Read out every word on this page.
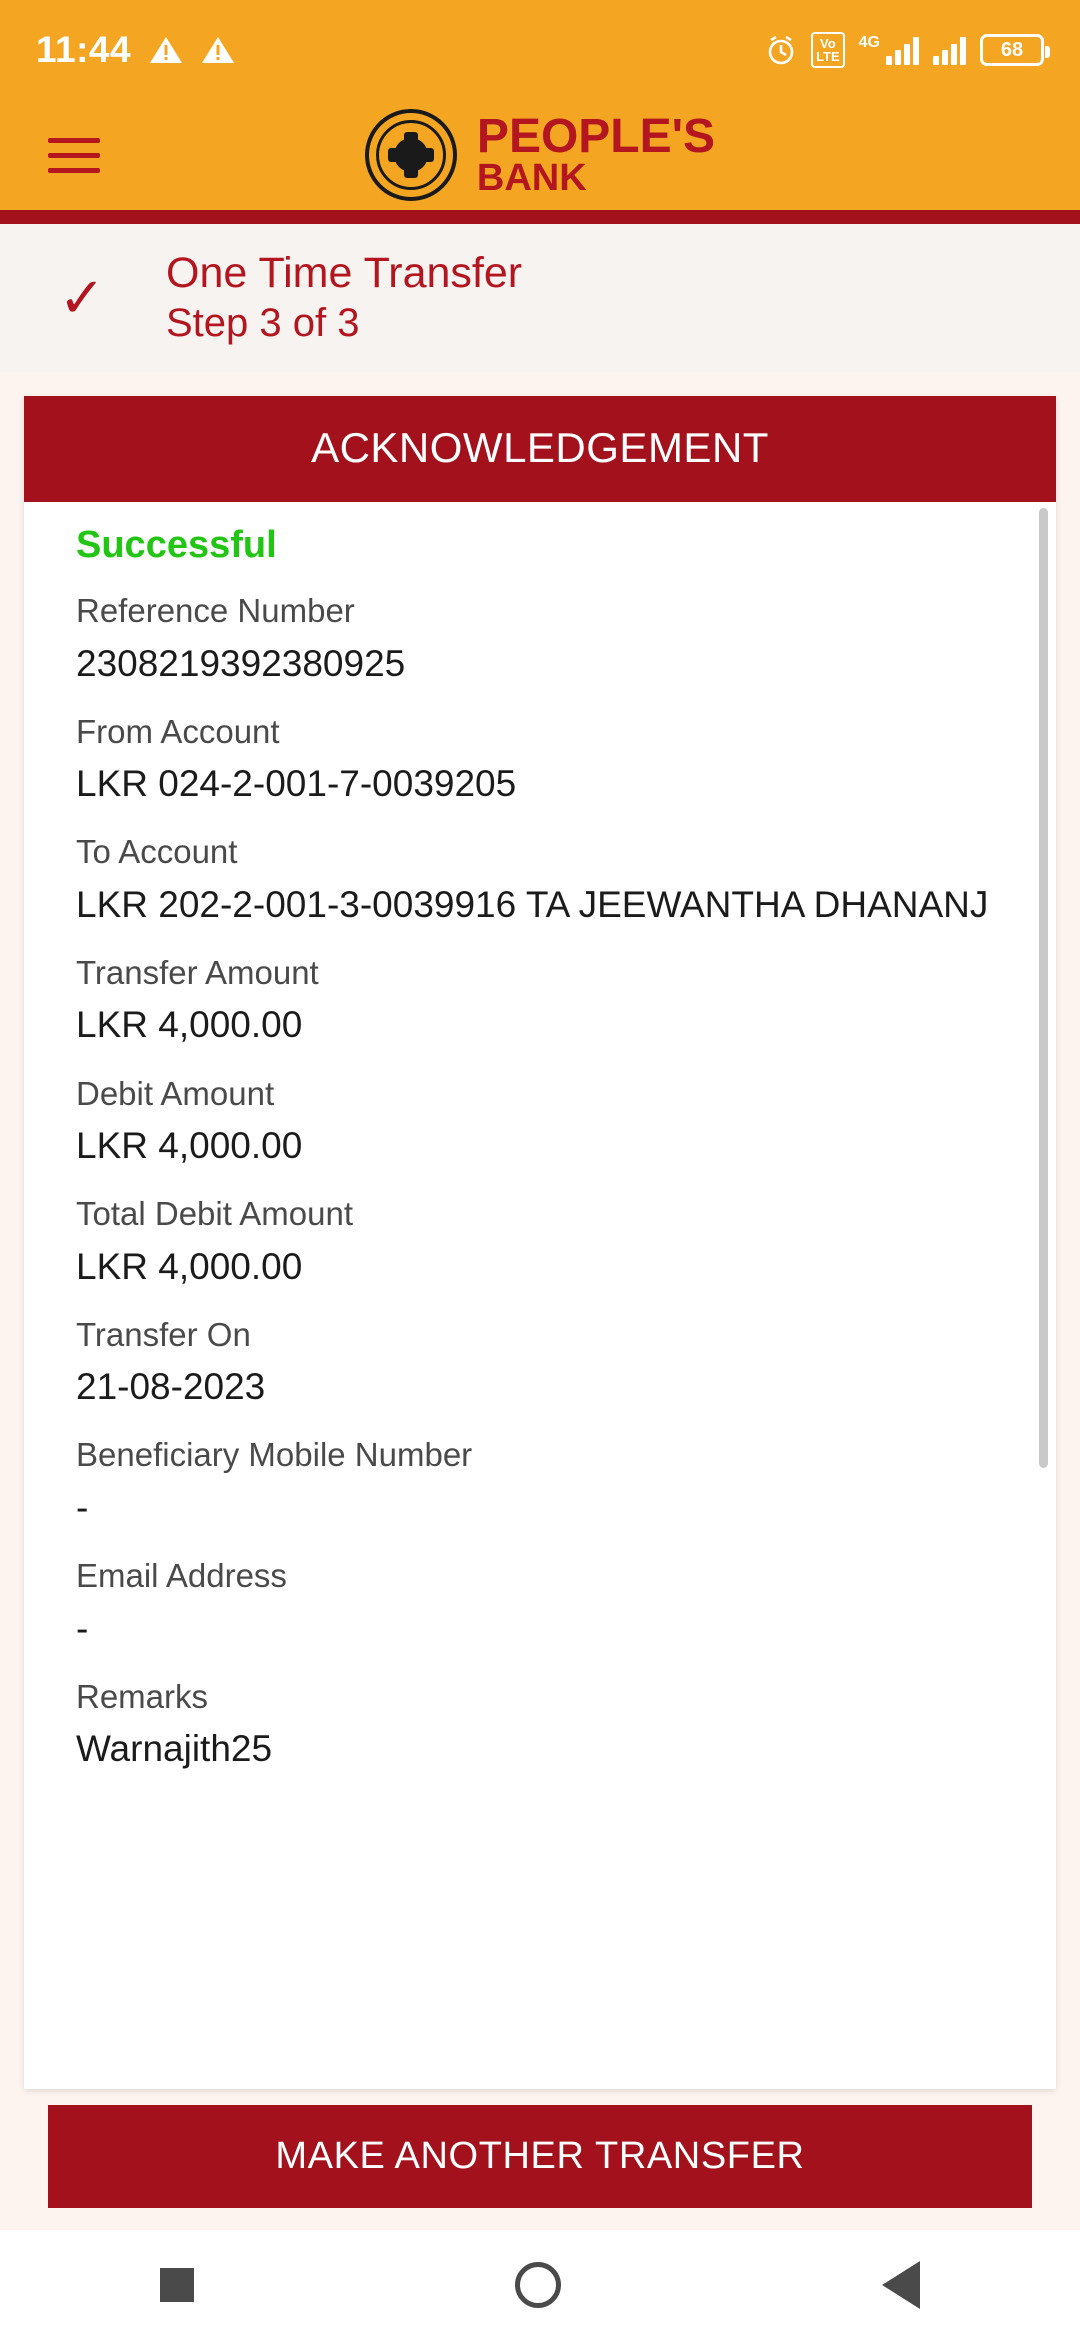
11:44	Vo
LTE
4G	68
PEOPLE'S
BANK
✓	One Time Transfer
Step 3 of 3
ACKNOWLEDGEMENT
Successful
Reference Number
2308219392380925
From Account
LKR 024-2-001-7-0039205
To Account
LKR 202-2-001-3-0039916 TA JEEWANTHA DHANANJ
Transfer Amount
LKR 4,000.00
Debit Amount
LKR 4,000.00
Total Debit Amount
LKR 4,000.00
Transfer On
21-08-2023
Beneficiary Mobile Number
-
Email Address
-
Remarks
Warnajith25
MAKE ANOTHER TRANSFER
